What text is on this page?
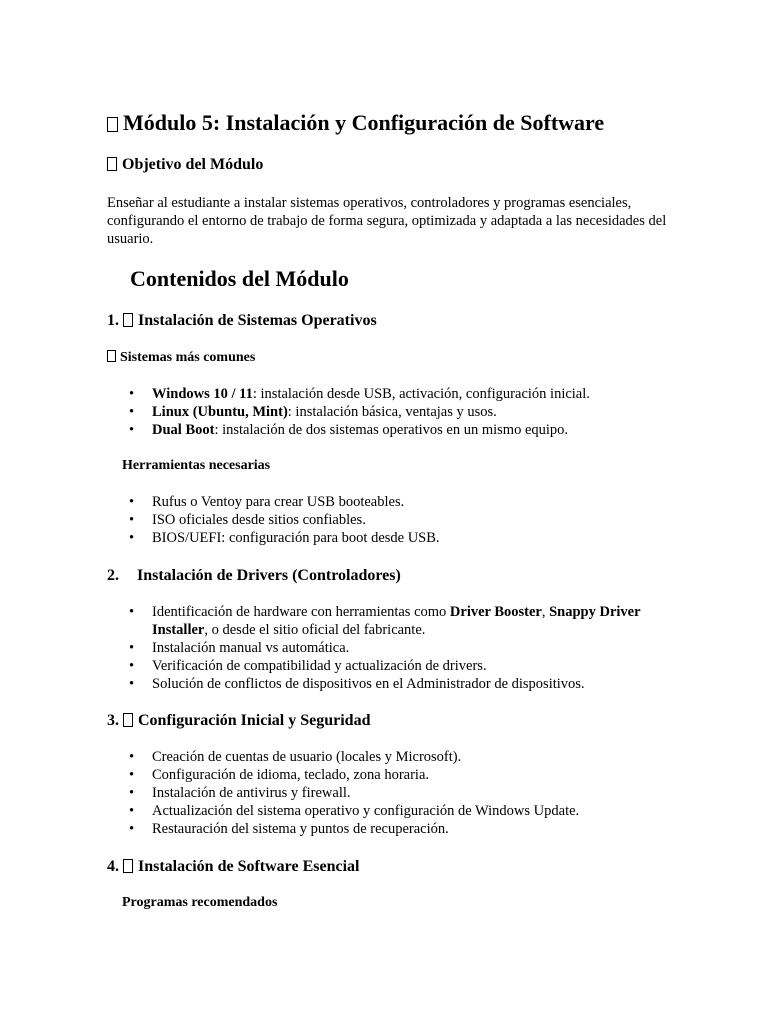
Módulo 5: Instalación y Configuración de Software
Objetivo del Módulo

Enseñar al estudiante a instalar sistemas operativos, controladores y programas esenciales, configurando el entorno de trabajo de forma segura, optimizada y adaptada a las necesidades del usuario.

Contenidos del Módulo
1. Instalación de Sistemas Operativos
Sistemas más comunes
• Windows 10 / 11: instalación desde USB, activación, configuración inicial.
• Linux (Ubuntu, Mint): instalación básica, ventajas y usos.
• Dual Boot: instalación de dos sistemas operativos en un mismo equipo.
Herramientas necesarias
• Rufus o Ventoy para crear USB booteables.
• ISO oficiales desde sitios confiables.
• BIOS/UEFI: configuración para boot desde USB.
2. Instalación de Drivers (Controladores)
• Identificación de hardware con herramientas como Driver Booster, Snappy Driver Installer, o desde el sitio oficial del fabricante.
• Instalación manual vs automática.
• Verificación de compatibilidad y actualización de drivers.
• Solución de conflictos de dispositivos en el Administrador de dispositivos.
3. Configuración Inicial y Seguridad
• Creación de cuentas de usuario (locales y Microsoft).
• Configuración de idioma, teclado, zona horaria.
• Instalación de antivirus y firewall.
• Actualización del sistema operativo y configuración de Windows Update.
• Restauración del sistema y puntos de recuperación.
4. Instalación de Software Esencial
Programas recomendados
